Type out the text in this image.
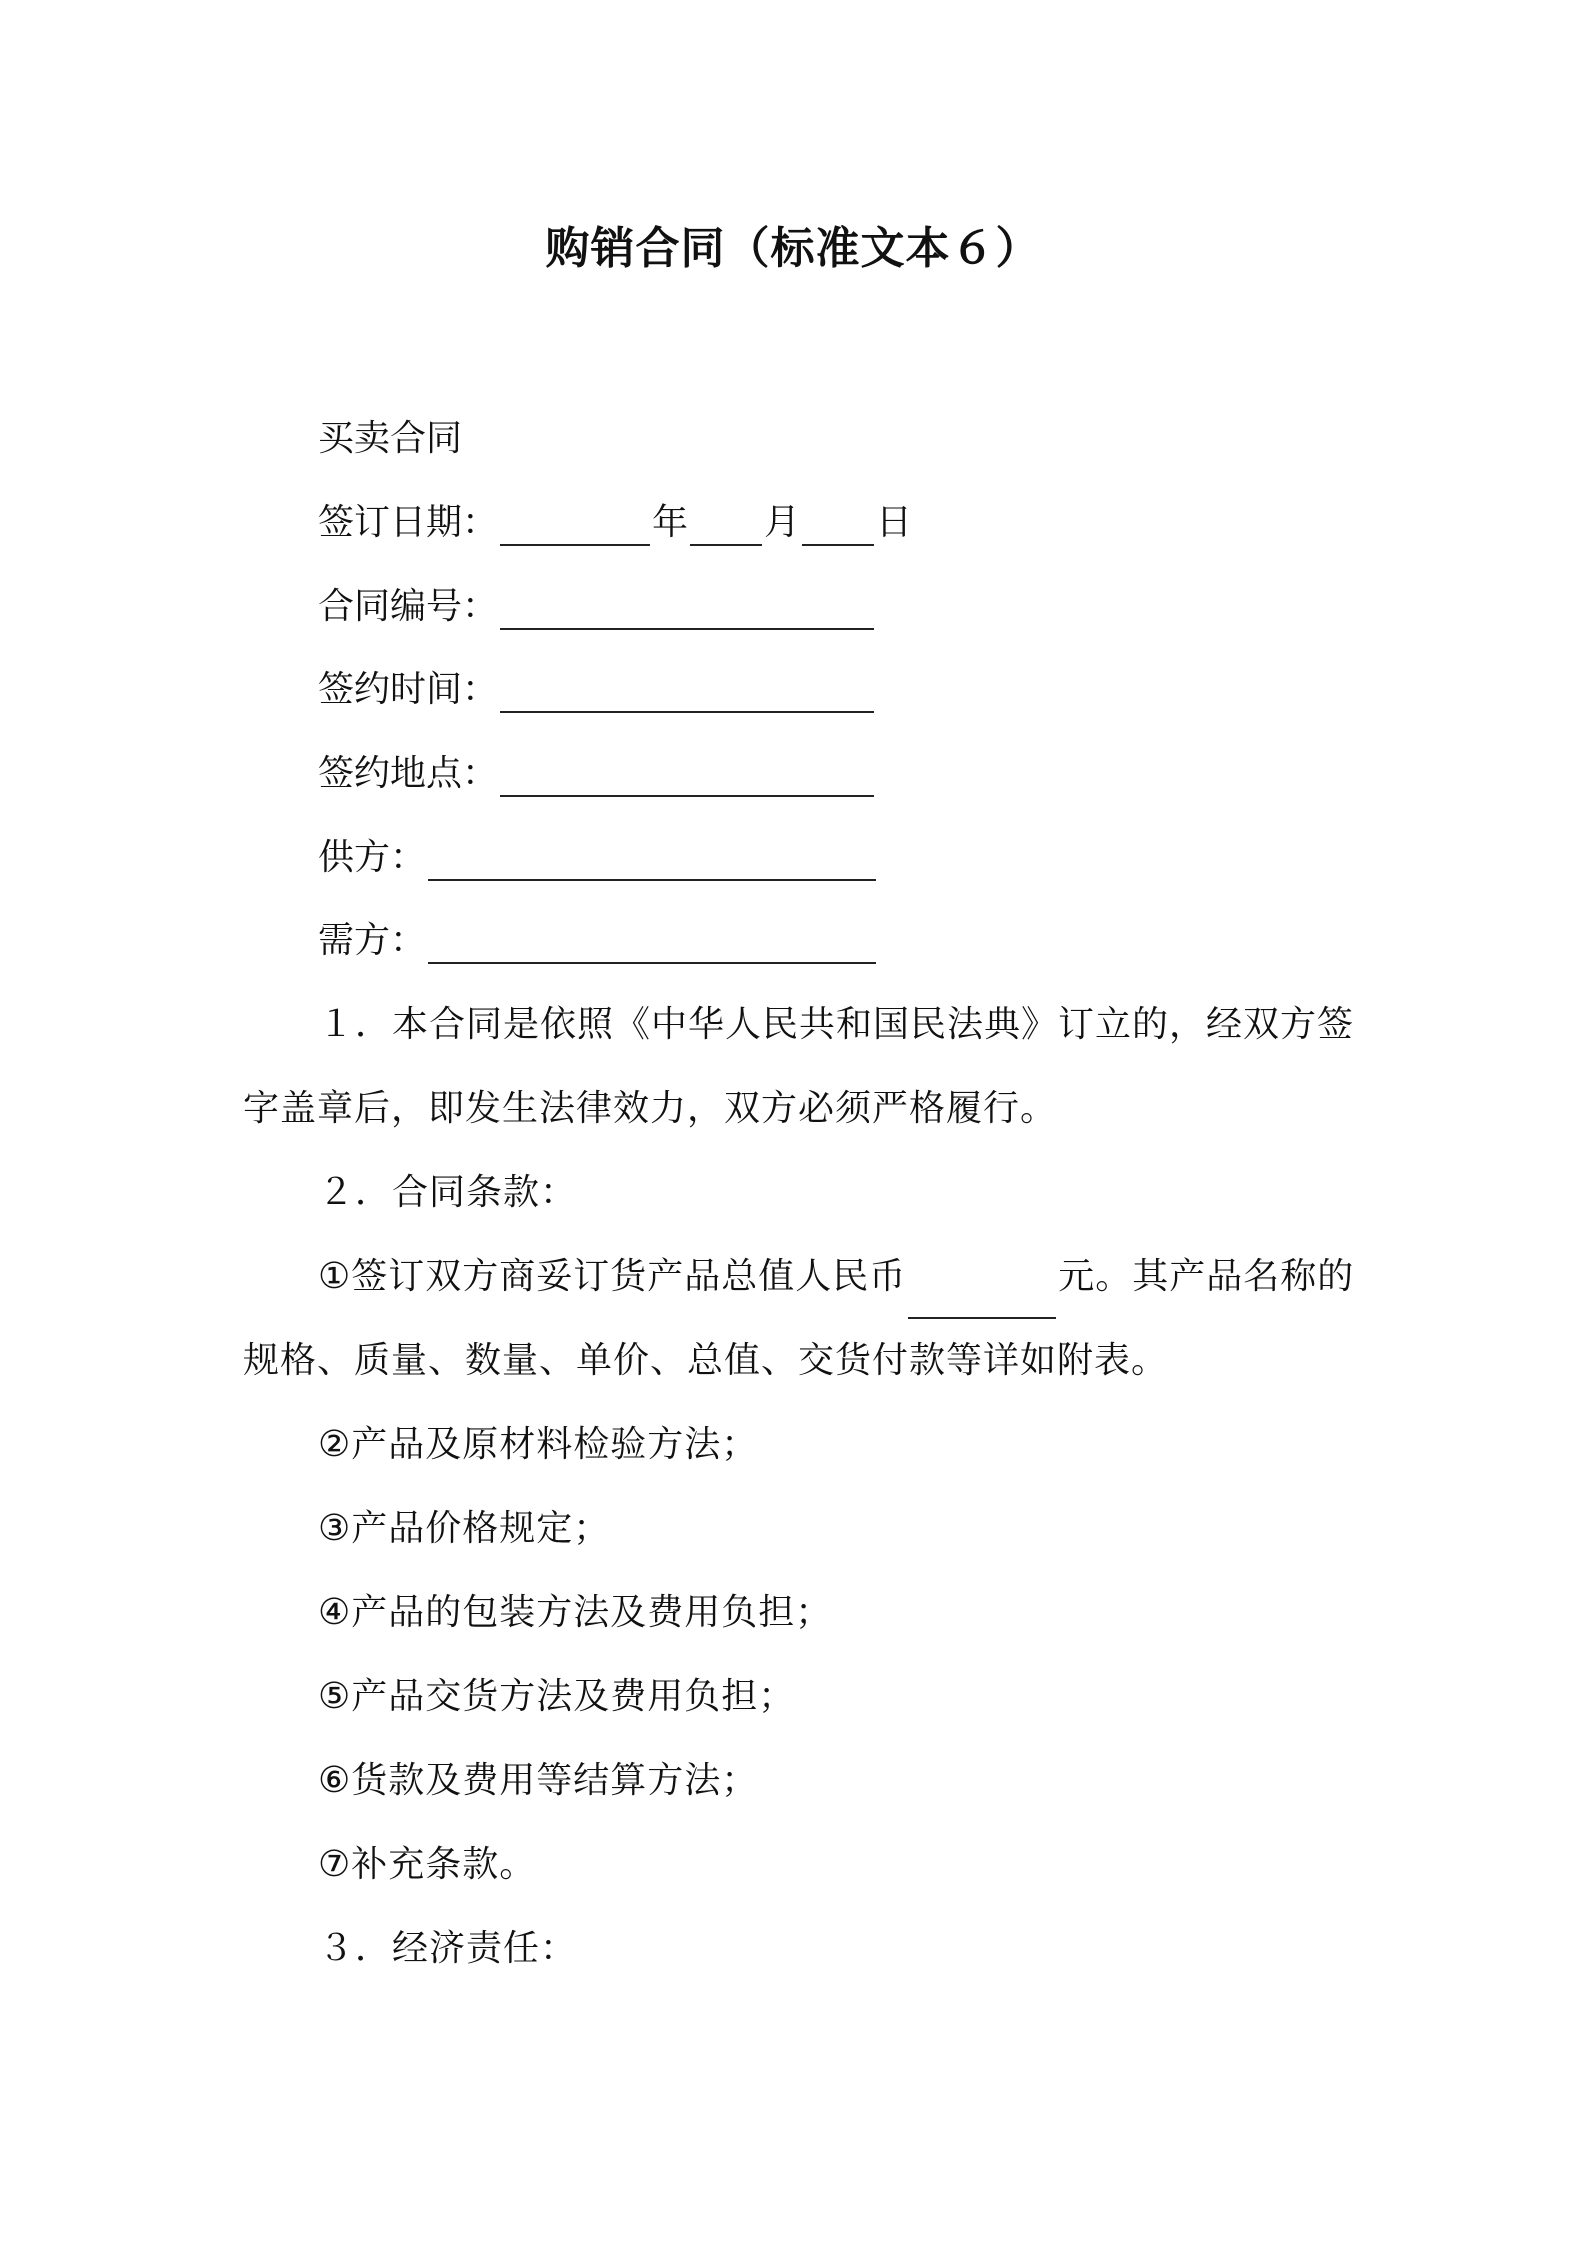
购销合同（标准文本６）
买卖合同
签订日期：	年 月 日
合同编号：
签约时间：
签约地点：
供方：
需方：
１．本合同是依照《中华人民共和国民法典》订立的，经双方签字盖章后，即发生法律效力，双方必须严格履行。
２．合同条款：
①签订双方商妥订货产品总值人民币	元。其产品名称的规格、质量、数量、单价、总值、交货付款等详如附表。
②产品及原材料检验方法；
③产品价格规定；
④产品的包装方法及费用负担；
⑤产品交货方法及费用负担；
⑥货款及费用等结算方法；
⑦补充条款。
３．经济责任：
